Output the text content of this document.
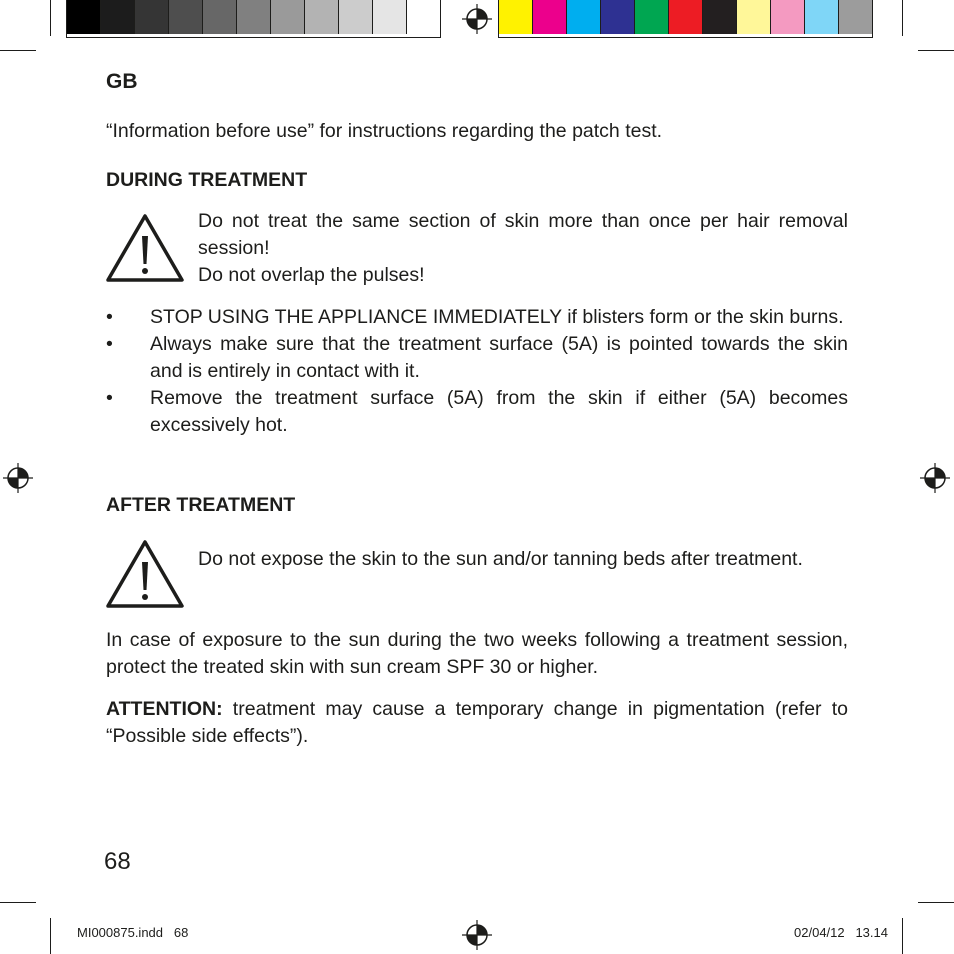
GB
“Information before use” for instructions regarding the patch test.
DURING TREATMENT
Do not treat the same section of skin more than once per hair removal session!
Do not overlap the pulses!
• STOP USING THE APPLIANCE IMMEDIATELY if blisters form or the skin burns.
• Always make sure that the treatment surface (5A) is pointed towards the skin and is entirely in contact with it.
• Remove the treatment surface (5A) from the skin if either (5A) becomes excessively hot.
AFTER TREATMENT
Do not expose the skin to the sun and/or tanning beds after treatment.
In case of exposure to the sun during the two weeks following a treatment session, protect the treated skin with sun cream SPF 30 or higher.
ATTENTION: treatment may cause a temporary change in pigmentation (refer to “Possible side effects”).
68
MI000875.indd   68	02/04/12   13.14
